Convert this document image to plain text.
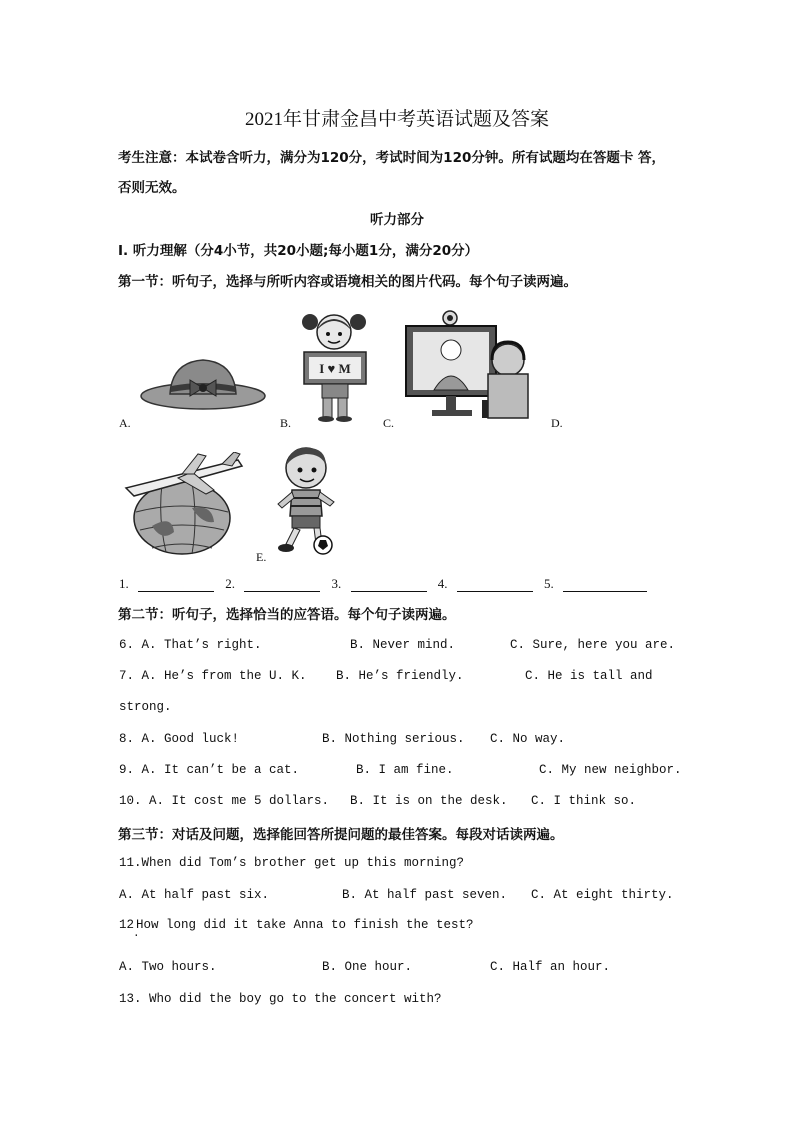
2021年甘肃金昌中考英语试题及答案
考生注意：本试卷含听力，满分为120分，考试时间为120分钟。所有试题均在答题卡 答，
否则无效。
听力部分
I. 听力理解（分4小节，共20小题;每小题1分，满分20分）
第一节：听句子，选择与所听内容或语境相关的图片代码。每个句子读两遍。
A.
I ♥ M
B.	C.	D.
E.
1.	2.	3.	4.	5.
第二节：听句子，选择恰当的应答语。每个句子读两遍。
6. A. That’s right.	B. Never mind.	C. Sure, here you are.
7. A. He’s from the U. K. B. He’s friendly.	C. He is tall and
strong.
8. A. Good luck!	B. Nothing serious. C. No way.
9. A. It can’t be a cat.	B. I am fine.	C. My new neighbor.
10. A. It cost me 5 dollars. B. It is on the desk. C. I think so.
第三节：对话及问题，选择能回答所提问题的最佳答案。每段对话读两遍。
11.When did Tom’s brother get up this morning?
A. At half past six.	B. At half past seven. C. At eight thirty.
12
.
How long did it take Anna to finish the test?
A. Two hours.	B. One hour.	C. Half an hour.
13. Who did the boy go to the concert with?
